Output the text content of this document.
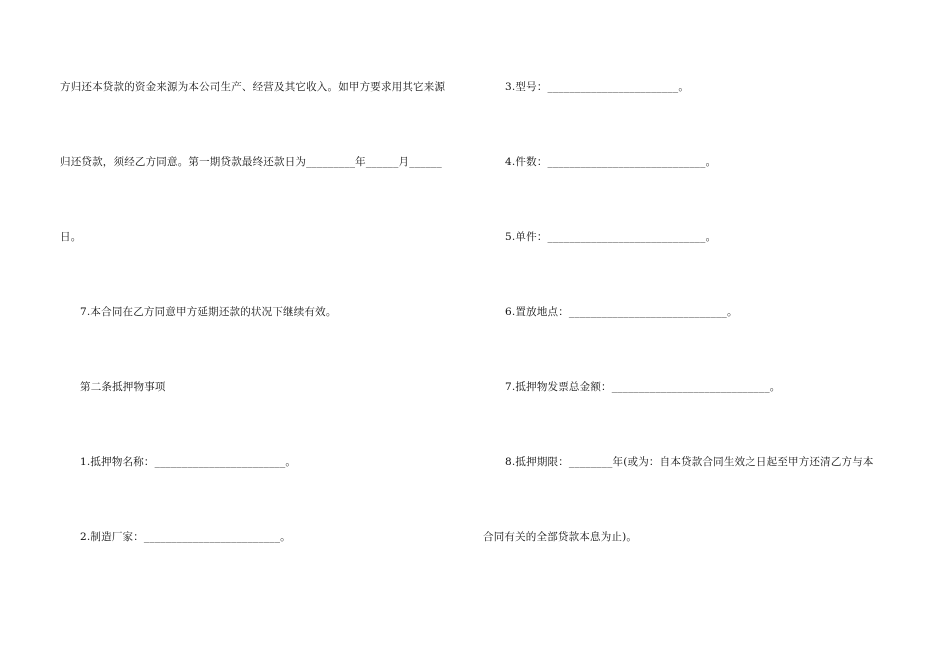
方归还本贷款的资金来源为本公司生产、经营及其它收入。如甲方要求用其它来源
归还贷款，须经乙方同意。第一期贷款最终还款日为_________年______月______
日。
7.本合同在乙方同意甲方延期还款的状况下继续有效。
第二条抵押物事项
1.抵押物名称：________________________。
2.制造厂家：_________________________。
3.型号：________________________。
4.件数：_____________________________。
5.单件：_____________________________。
6.置放地点：_____________________________。
7.抵押物发票总金额：_____________________________。
8.抵押期限：________年(或为：自本贷款合同生效之日起至甲方还清乙方与本
合同有关的全部贷款本息为止)。
